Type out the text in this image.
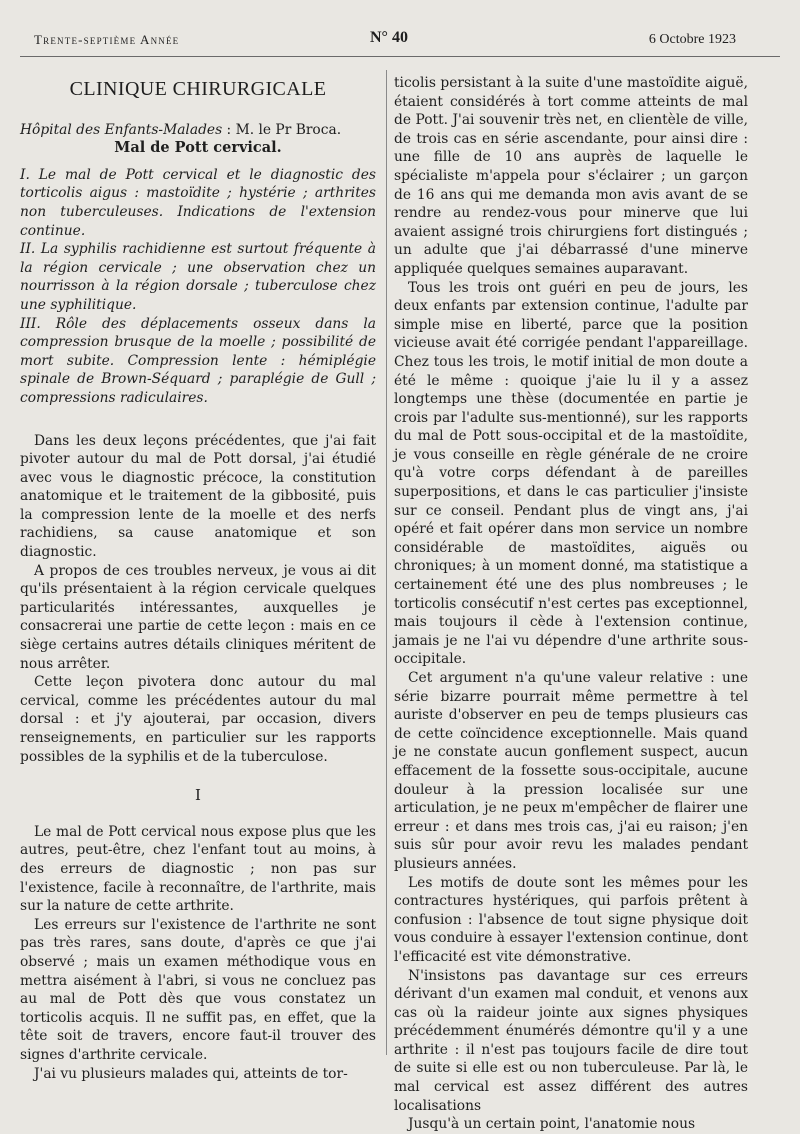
Trente-septième Année	N° 40	6 Octobre 1923
CLINIQUE CHIRURGICALE

Hôpital des Enfants-Malades : M. le Pr Broca.

Mal de Pott cervical.

I. Le mal de Pott cervical et le diagnostic des torticolis aigus : mastoïdite ; hystérie ; arthrites non tuberculeuses. Indications de l'extension continue.

II. La syphilis rachidienne est surtout fréquente à la région cervicale ; une observation chez un nourrisson à la région dorsale ; tuberculose chez une syphilitique.

III. Rôle des déplacements osseux dans la compression brusque de la moelle ; possibilité de mort subite. Compression lente : hémiplégie spinale de Brown-Séquard ; paraplégie de Gull ; compressions radiculaires.

Dans les deux leçons précédentes, que j'ai fait pivoter autour du mal de Pott dorsal, j'ai étudié avec vous le diagnostic précoce, la constitution anatomique et le traitement de la gibbosité, puis la compression lente de la moelle et des nerfs rachidiens, sa cause anatomique et son diagnostic.

A propos de ces troubles nerveux, je vous ai dit qu'ils présentaient à la région cervicale quelques particularités intéressantes, auxquelles je consacrerai une partie de cette leçon : mais en ce siège certains autres détails cliniques méritent de nous arrêter.

Cette leçon pivotera donc autour du mal cervical, comme les précédentes autour du mal dorsal : et j'y ajouterai, par occasion, divers renseignements, en particulier sur les rapports possibles de la syphilis et de la tuberculose.

I

Le mal de Pott cervical nous expose plus que les autres, peut-être, chez l'enfant tout au moins, à des erreurs de diagnostic ; non pas sur l'existence, facile à reconnaître, de l'arthrite, mais sur la nature de cette arthrite.

Les erreurs sur l'existence de l'arthrite ne sont pas très rares, sans doute, d'après ce que j'ai observé ; mais un examen méthodique vous en mettra aisément à l'abri, si vous ne concluez pas au mal de Pott dès que vous constatez un torticolis acquis. Il ne suffit pas, en effet, que la tête soit de travers, encore faut-il trouver des signes d'arthrite cervicale.

J'ai vu plusieurs malades qui, atteints de tor-

ticolis persistant à la suite d'une mastoïdite aiguë, étaient considérés à tort comme atteints de mal de Pott. J'ai souvenir très net, en clientèle de ville, de trois cas en série ascendante, pour ainsi dire : une fille de 10 ans auprès de laquelle le spécialiste m'appela pour s'éclairer ; un garçon de 16 ans qui me demanda mon avis avant de se rendre au rendez-vous pour minerve que lui avaient assigné trois chirurgiens fort distingués ; un adulte que j'ai débarrassé d'une minerve appliquée quelques semaines auparavant.

Tous les trois ont guéri en peu de jours, les deux enfants par extension continue, l'adulte par simple mise en liberté, parce que la position vicieuse avait été corrigée pendant l'appareillage. Chez tous les trois, le motif initial de mon doute a été le même : quoique j'aie lu il y a assez longtemps une thèse (documentée en partie je crois par l'adulte sus-mentionné), sur les rapports du mal de Pott sous-occipital et de la mastoïdite, je vous conseille en règle générale de ne croire qu'à votre corps défendant à de pareilles superpositions, et dans le cas particulier j'insiste sur ce conseil. Pendant plus de vingt ans, j'ai opéré et fait opérer dans mon service un nombre considérable de mastoïdites, aiguës ou chroniques; à un moment donné, ma statistique a certainement été une des plus nombreuses ; le torticolis consécutif n'est certes pas exceptionnel, mais toujours il cède à l'extension continue, jamais je ne l'ai vu dépendre d'une arthrite sous-occipitale.

Cet argument n'a qu'une valeur relative : une série bizarre pourrait même permettre à tel auriste d'observer en peu de temps plusieurs cas de cette coïncidence exceptionnelle. Mais quand je ne constate aucun gonflement suspect, aucun effacement de la fossette sous-occipitale, aucune douleur à la pression localisée sur une articulation, je ne peux m'empêcher de flairer une erreur : et dans mes trois cas, j'ai eu raison; j'en suis sûr pour avoir revu les malades pendant plusieurs années.

Les motifs de doute sont les mêmes pour les contractures hystériques, qui parfois prêtent à confusion : l'absence de tout signe physique doit vous conduire à essayer l'extension continue, dont l'efficacité est vite démonstrative.

N'insistons pas davantage sur ces erreurs dérivant d'un examen mal conduit, et venons aux cas où la raideur jointe aux signes physiques précédemment énumérés démontre qu'il y a une arthrite : il n'est pas toujours facile de dire tout de suite si elle est ou non tuberculeuse. Par là, le mal cervical est assez différent des autres localisations

Jusqu'à un certain point, l'anatomie nous
